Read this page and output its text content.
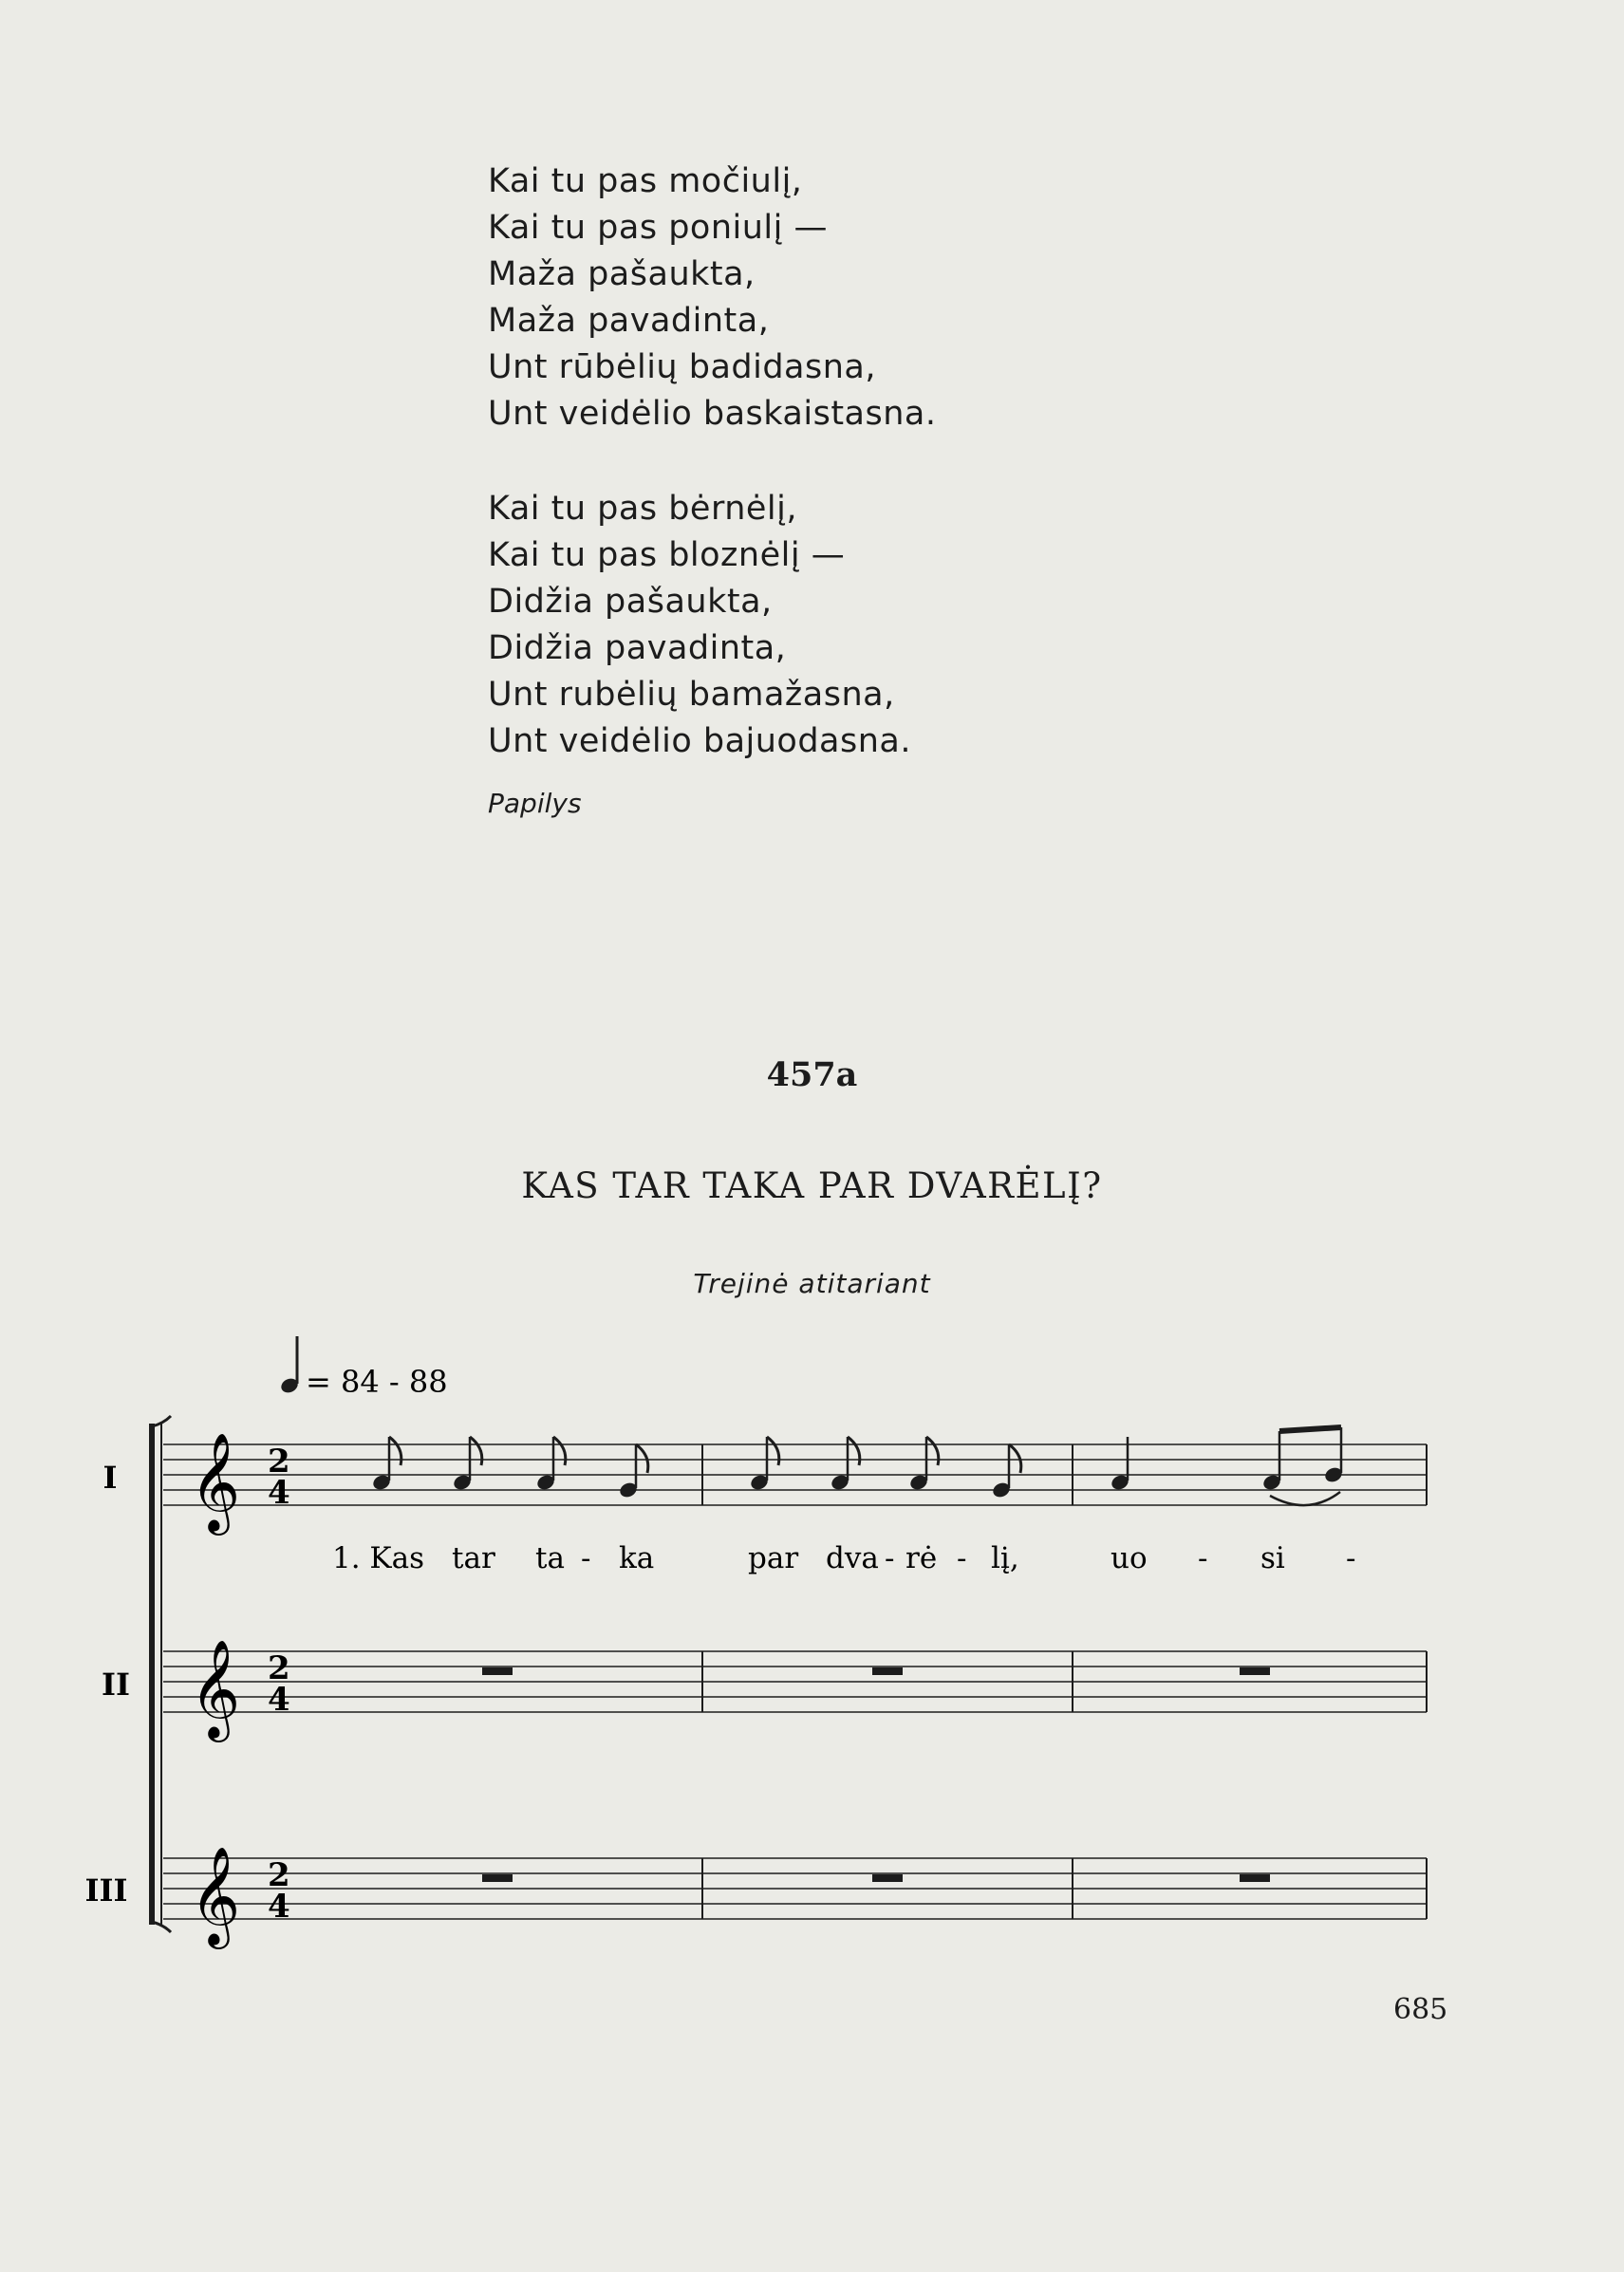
Kai tu pas močiulį,
Kai tu pas poniulį —
Maža pašaukta,
Maža pavadinta,
Unt rūbėlių badidasna,
Unt veidėlio baskaistasna.
Kai tu pas bėrnėlį,
Kai tu pas bloznėlį —
Didžia pašaukta,
Didžia pavadinta,
Unt rubėlių bamažasna,
Unt veidėlio bajuodasna.
Papilys
457a
KAS TAR TAKA PAR DVARĖLĮ?
Trejinė atitariant
= 84 - 88
I 𝄞 2
4
1. Kas tar ta - ka	par dva - rė - lį,	uo - si -
II 𝄞 2
4
III 𝄞 2
4
685
